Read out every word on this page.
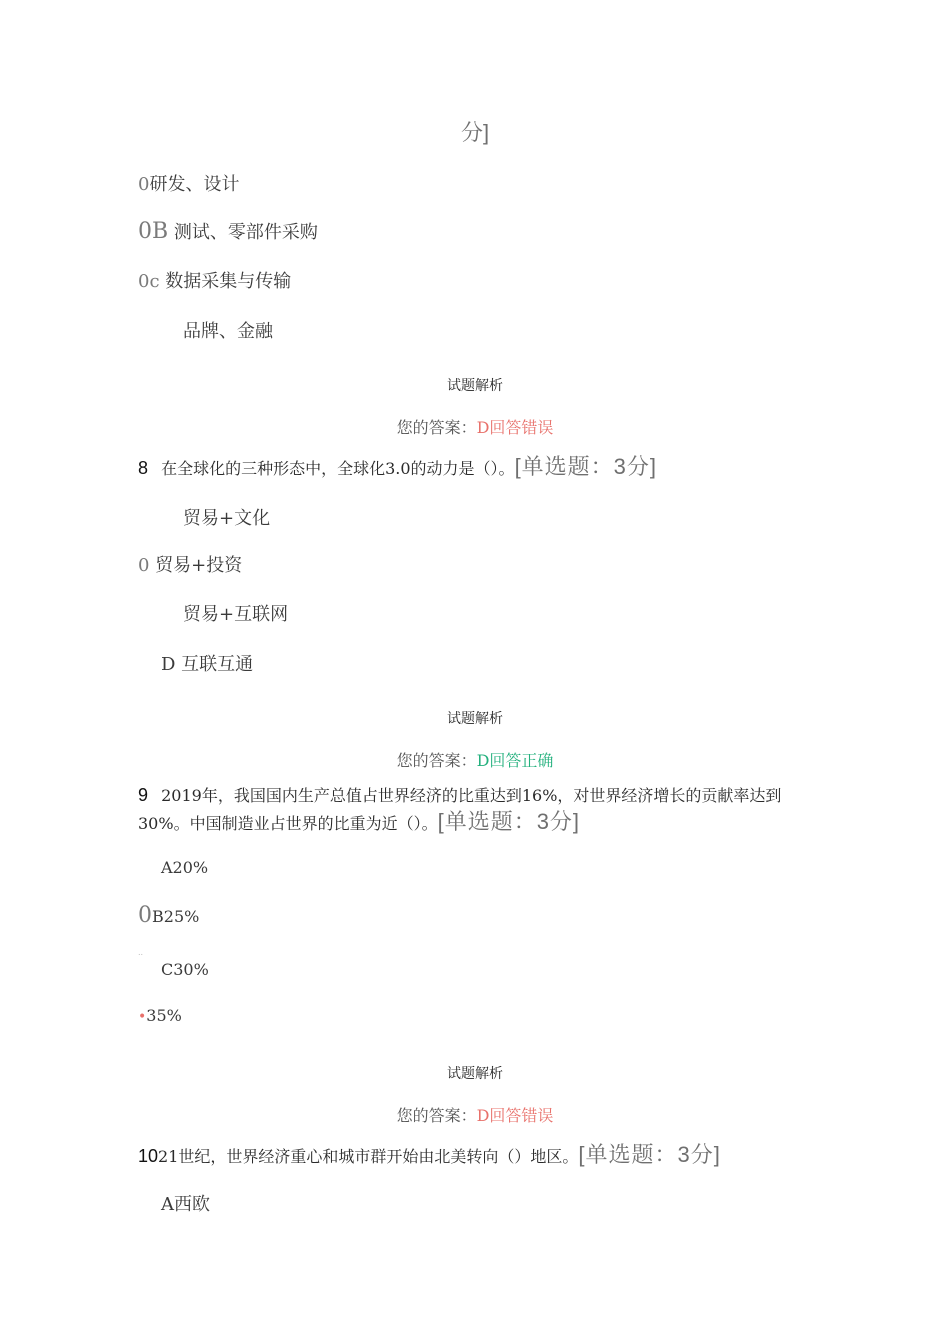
分]
0研发、设计
0B 测试、零部件采购
0c 数据采集与传输
品牌、金融
试题解析
您的答案：D回答错误
8 在全球化的三种形态中，全球化3.0的动力是（）。[单选题：3分]
贸易+文化
0 贸易+投资
贸易+互联网
D 互联互通
试题解析
您的答案：D回答正确
9 2019年，我国国内生产总值占世界经济的比重达到16%，对世界经济增长的贡献率达到
30%。中国制造业占世界的比重为近（）。[单选题：3分]
A20%
0B25%
..
C30%
•35%
试题解析
您的答案：D回答错误
1021世纪，世界经济重心和城市群开始由北美转向（）地区。[单选题：3分]
A西欧
